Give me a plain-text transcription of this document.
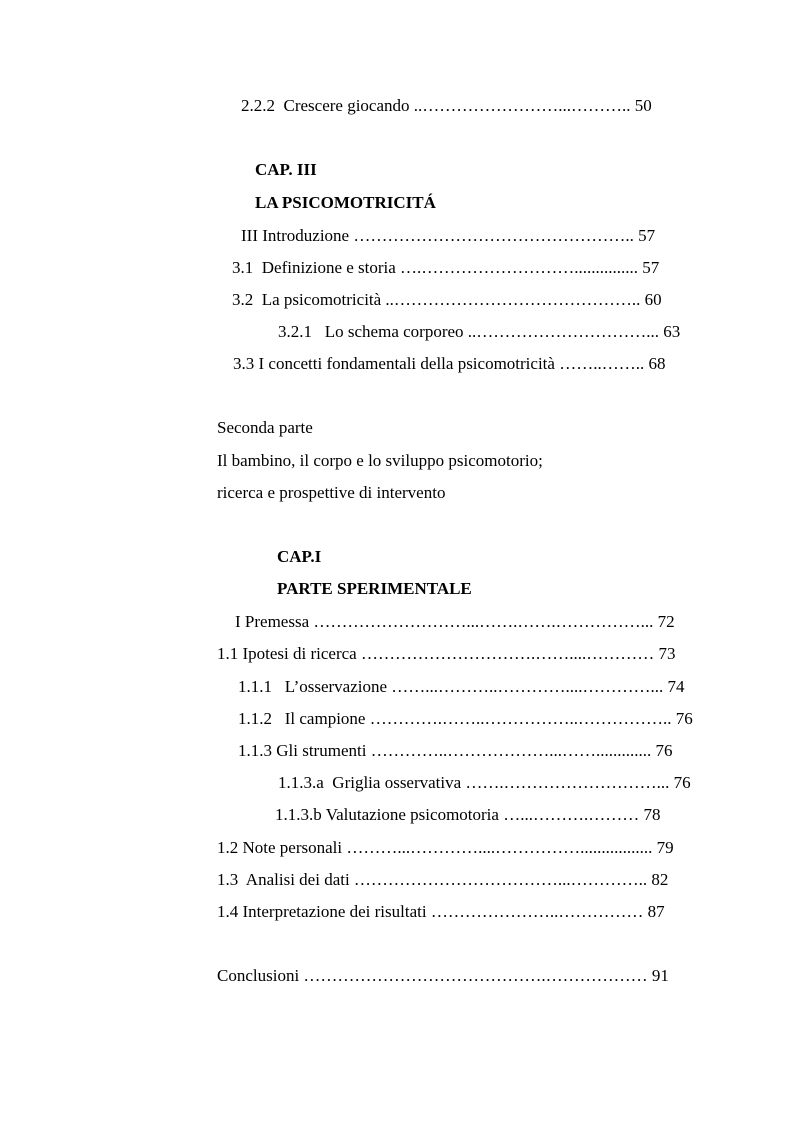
2.2.2  Crescere giocando ..……………………...……….. 50
CAP. III
LA PSICOMOTRICITÁ
III Introduzione ………………………………………….. 57
3.1  Definizione e storia ….………………………............... 57
3.2  La psicomotricità ..…………………………………….. 60
3.2.1   Lo schema corporeo ..…………………………... 63
3.3 I concetti fondamentali della psicomotricità ……..…….. 68
Seconda parte
Il bambino, il corpo e lo sviluppo psicomotorio;
ricerca e prospettive di intervento
CAP.I
PARTE SPERIMENTALE
I Premessa ………………………...…….…….……………... 72
1.1 Ipotesi di ricerca ………………………….……....………… 73
1.1.1   L’osservazione ……...………..…………....…………... 74
1.1.2   Il campione ………….……..……………..…………….. 76
1.1.3 Gli strumenti …………..………………...……............. 76
1.1.3.a  Griglia osservativa …….………………………... 76
1.1.3.b Valutazione psicomotoria …...……….……… 78
1.2 Note personali ………...…………....……………................. 79
1.3  Analisi dei dati ………………………………...………….. 82
1.4 Interpretazione dei risultati …………………..…………… 87
Conclusioni …………………………………….……………… 91
